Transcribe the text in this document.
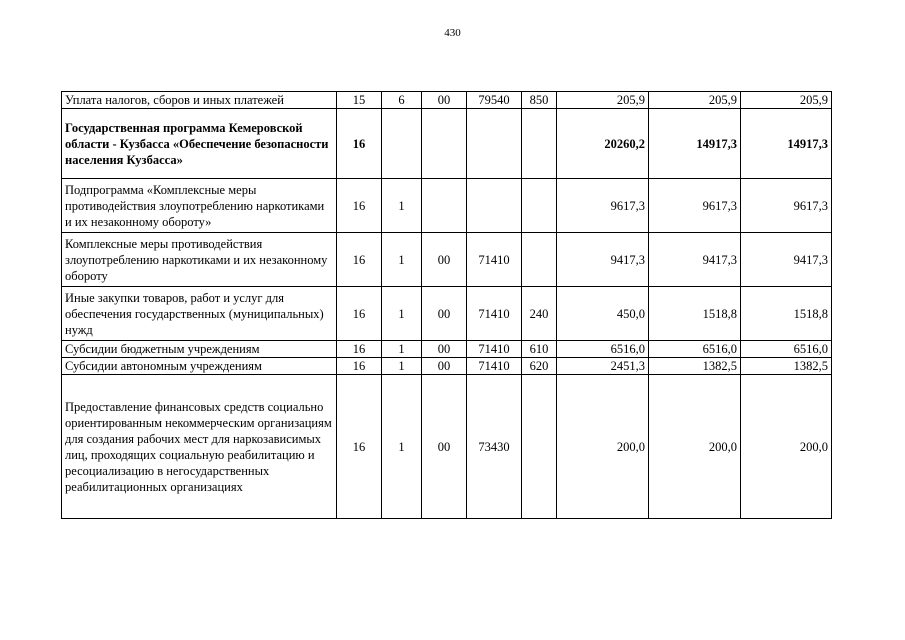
430
Уплата налогов, сборов и иных платежей	15	6	00	79540	850	205,9	205,9	205,9
Государственная программа Кемеровской области - Кузбасса «Обеспечение безопасности населения Кузбасса»	16					20260,2	14917,3	14917,3
Подпрограмма «Комплексные меры противодействия злоупотреблению наркотиками и их незаконному обороту»	16	1				9617,3	9617,3	9617,3
Комплексные меры противодействия злоупотреблению наркотиками и их незаконному обороту	16	1	00	71410		9417,3	9417,3	9417,3
Иные закупки товаров, работ и услуг для обеспечения государственных (муниципальных) нужд	16	1	00	71410	240	450,0	1518,8	1518,8
Субсидии бюджетным учреждениям	16	1	00	71410	610	6516,0	6516,0	6516,0
Субсидии автономным учреждениям	16	1	00	71410	620	2451,3	1382,5	1382,5
Предоставление финансовых средств социально ориентированным некоммерческим организациям для создания рабочих мест для наркозависимых лиц, проходящих социальную реабилитацию и ресоциализацию в негосударственных реабилитационных организациях	16	1	00	73430		200,0	200,0	200,0
